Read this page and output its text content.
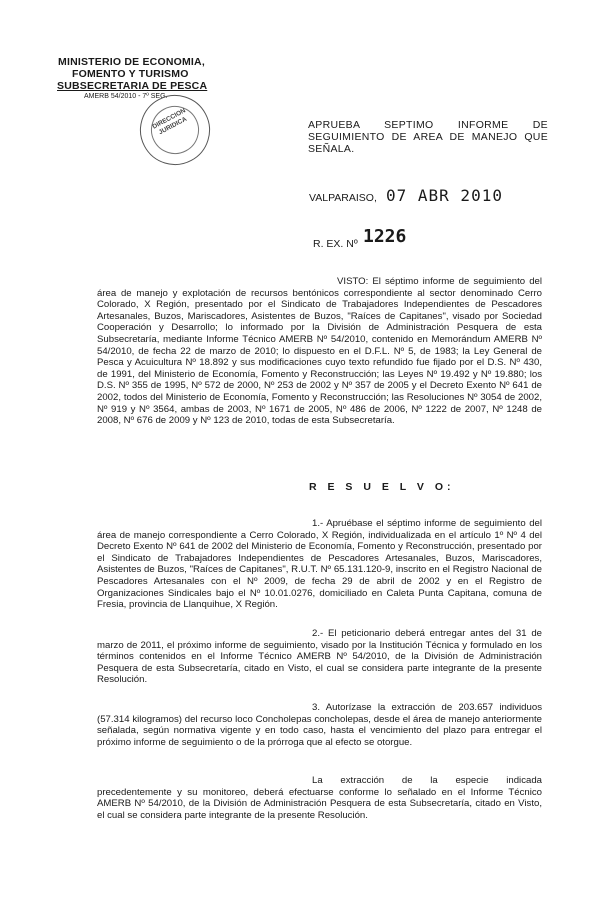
MINISTERIO DE ECONOMIA,
FOMENTO Y TURISMO
SUBSECRETARIA DE PESCA
AMERB 54/2010 - 7º SEG.
DIRECCION JURIDICA	APRUEBA SEPTIMO INFORME DE SEGUIMIENTO DE AREA DE MANEJO QUE SEÑALA.
VALPARAISO, 07 ABR 2010
R. EX. Nº 1226
VISTO: El séptimo informe de seguimiento del área de manejo y explotación de recursos bentónicos correspondiente al sector denominado Cerro Colorado, X Región, presentado por el Sindicato de Trabajadores Independientes de Pescadores Artesanales, Buzos, Mariscadores, Asistentes de Buzos, "Raíces de Capitanes", visado por Sociedad Cooperación y Desarrollo; lo informado por la División de Administración Pesquera de esta Subsecretaría, mediante Informe Técnico AMERB Nº 54/2010, contenido en Memorándum AMERB Nº 54/2010, de fecha 22 de marzo de 2010; lo dispuesto en el D.F.L. Nº 5, de 1983; la Ley General de Pesca y Acuicultura Nº 18.892 y sus modificaciones cuyo texto refundido fue fijado por el D.S. Nº 430, de 1991, del Ministerio de Economía, Fomento y Reconstrucción; las Leyes Nº 19.492 y Nº 19.880; los D.S. Nº 355 de 1995, Nº 572 de 2000, Nº 253 de 2002 y Nº 357 de 2005 y el Decreto Exento Nº 641 de 2002, todos del Ministerio de Economía, Fomento y Reconstrucción; las Resoluciones Nº 3054 de 2002, Nº 919 y Nº 3564, ambas de 2003, Nº 1671 de 2005, Nº 486 de 2006, Nº 1222 de 2007, Nº 1248 de 2008, Nº 676 de 2009 y Nº 123 de 2010, todas de esta Subsecretaría.
R E S U E L V O:
1.- Apruébase el séptimo informe de seguimiento del área de manejo correspondiente a Cerro Colorado, X Región, individualizada en el artículo 1º Nº 4 del Decreto Exento Nº 641 de 2002 del Ministerio de Economía, Fomento y Reconstrucción, presentado por el Sindicato de Trabajadores Independientes de Pescadores Artesanales, Buzos, Mariscadores, Asistentes de Buzos, "Raíces de Capitanes", R.U.T. Nº 65.131.120-9, inscrito en el Registro Nacional de Pescadores Artesanales con el Nº 2009, de fecha 29 de abril de 2002 y en el Registro de Organizaciones Sindicales bajo el Nº 10.01.0276, domiciliado en Caleta Punta Capitana, comuna de Fresia, provincia de Llanquihue, X Región.
2.- El peticionario deberá entregar antes del 31 de marzo de 2011, el próximo informe de seguimiento, visado por la Institución Técnica y formulado en los términos contenidos en el Informe Técnico AMERB Nº 54/2010, de la División de Administración Pesquera de esta Subsecretaría, citado en Visto, el cual se considera parte integrante de la presente Resolución.
3. Autorízase la extracción de 203.657 individuos (57.314 kilogramos) del recurso loco Concholepas concholepas, desde el área de manejo anteriormente señalada, según normativa vigente y en todo caso, hasta el vencimiento del plazo para entregar el próximo informe de seguimiento o de la prórroga que al efecto se otorgue.
La extracción de la especie indicada precedentemente y su monitoreo, deberá efectuarse conforme lo señalado en el Informe Técnico AMERB Nº 54/2010, de la División de Administración Pesquera de esta Subsecretaría, citado en Visto, el cual se considera parte integrante de la presente Resolución.
